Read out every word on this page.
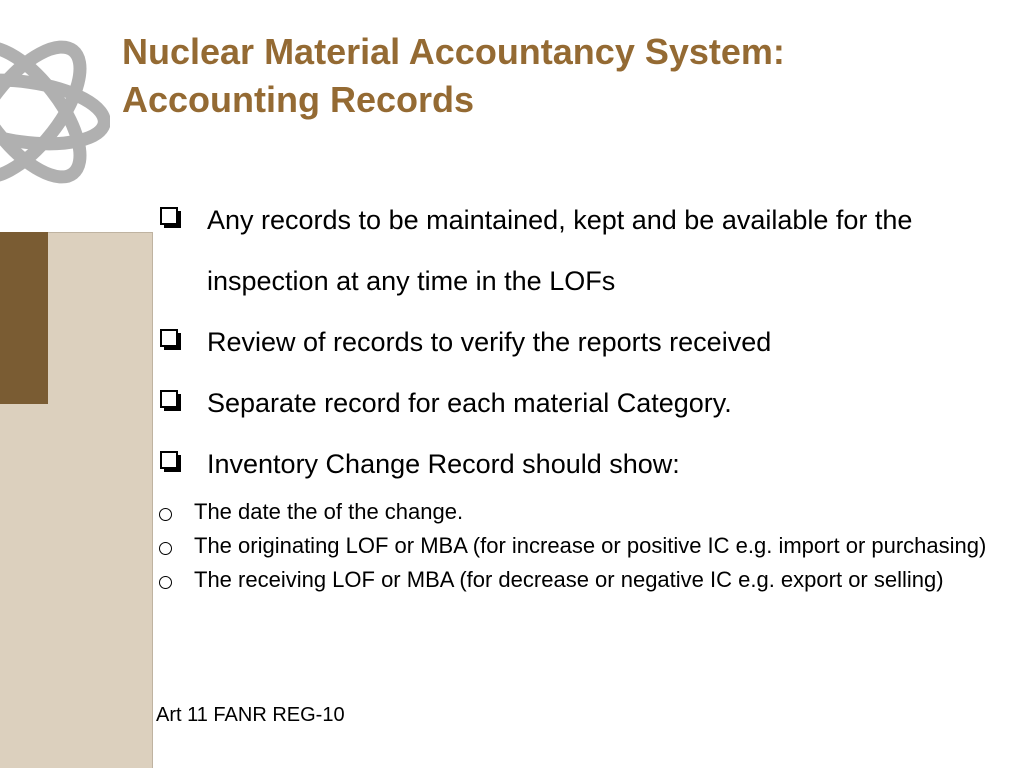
Nuclear Material Accountancy System:
Accounting Records
Any records to be maintained, kept and be available for the inspection at any time in the LOFs
Review of records to verify the reports received
Separate record for each material Category.
Inventory Change Record should show:
The date the of the change.
The originating LOF or MBA (for increase or positive IC e.g. import or purchasing)
The receiving LOF or MBA (for decrease or negative IC e.g. export or selling)

Art 11 FANR REG-10
